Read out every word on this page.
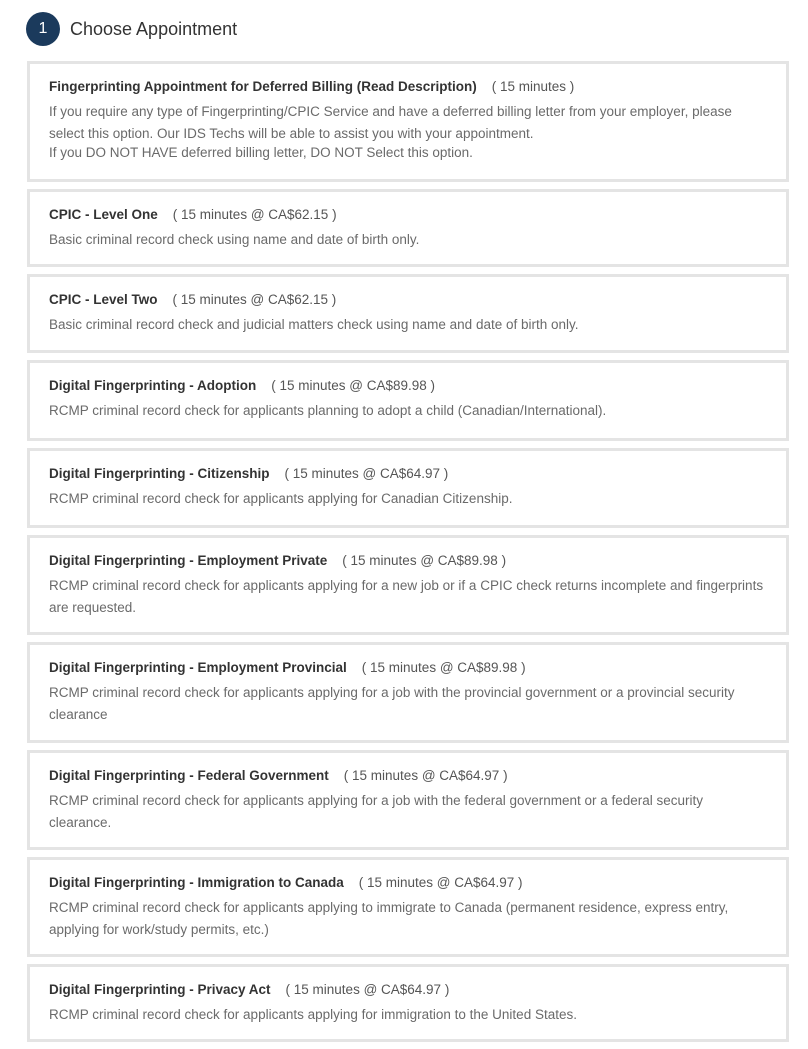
1	Choose Appointment
Fingerprinting Appointment for Deferred Billing (Read Description) ( 15 minutes )
If you require any type of Fingerprinting/CPIC Service and have a deferred billing letter from your employer, please select this option. Our IDS Techs will be able to assist you with your appointment.
If you DO NOT HAVE deferred billing letter, DO NOT Select this option.
CPIC - Level One ( 15 minutes @ CA$62.15 )
Basic criminal record check using name and date of birth only.
CPIC - Level Two ( 15 minutes @ CA$62.15 )
Basic criminal record check and judicial matters check using name and date of birth only.
Digital Fingerprinting - Adoption ( 15 minutes @ CA$89.98 )
RCMP criminal record check for applicants planning to adopt a child (Canadian/International).
Digital Fingerprinting - Citizenship ( 15 minutes @ CA$64.97 )
RCMP criminal record check for applicants applying for Canadian Citizenship.
Digital Fingerprinting - Employment Private ( 15 minutes @ CA$89.98 )
RCMP criminal record check for applicants applying for a new job or if a CPIC check returns incomplete and fingerprints are requested.
Digital Fingerprinting - Employment Provincial ( 15 minutes @ CA$89.98 )
RCMP criminal record check for applicants applying for a job with the provincial government or a provincial security clearance
Digital Fingerprinting - Federal Government ( 15 minutes @ CA$64.97 )
RCMP criminal record check for applicants applying for a job with the federal government or a federal security clearance.
Digital Fingerprinting - Immigration to Canada ( 15 minutes @ CA$64.97 )
RCMP criminal record check for applicants applying to immigrate to Canada (permanent residence, express entry, applying for work/study permits, etc.)
Digital Fingerprinting - Privacy Act ( 15 minutes @ CA$64.97 )
RCMP criminal record check for applicants applying for immigration to the United States.
